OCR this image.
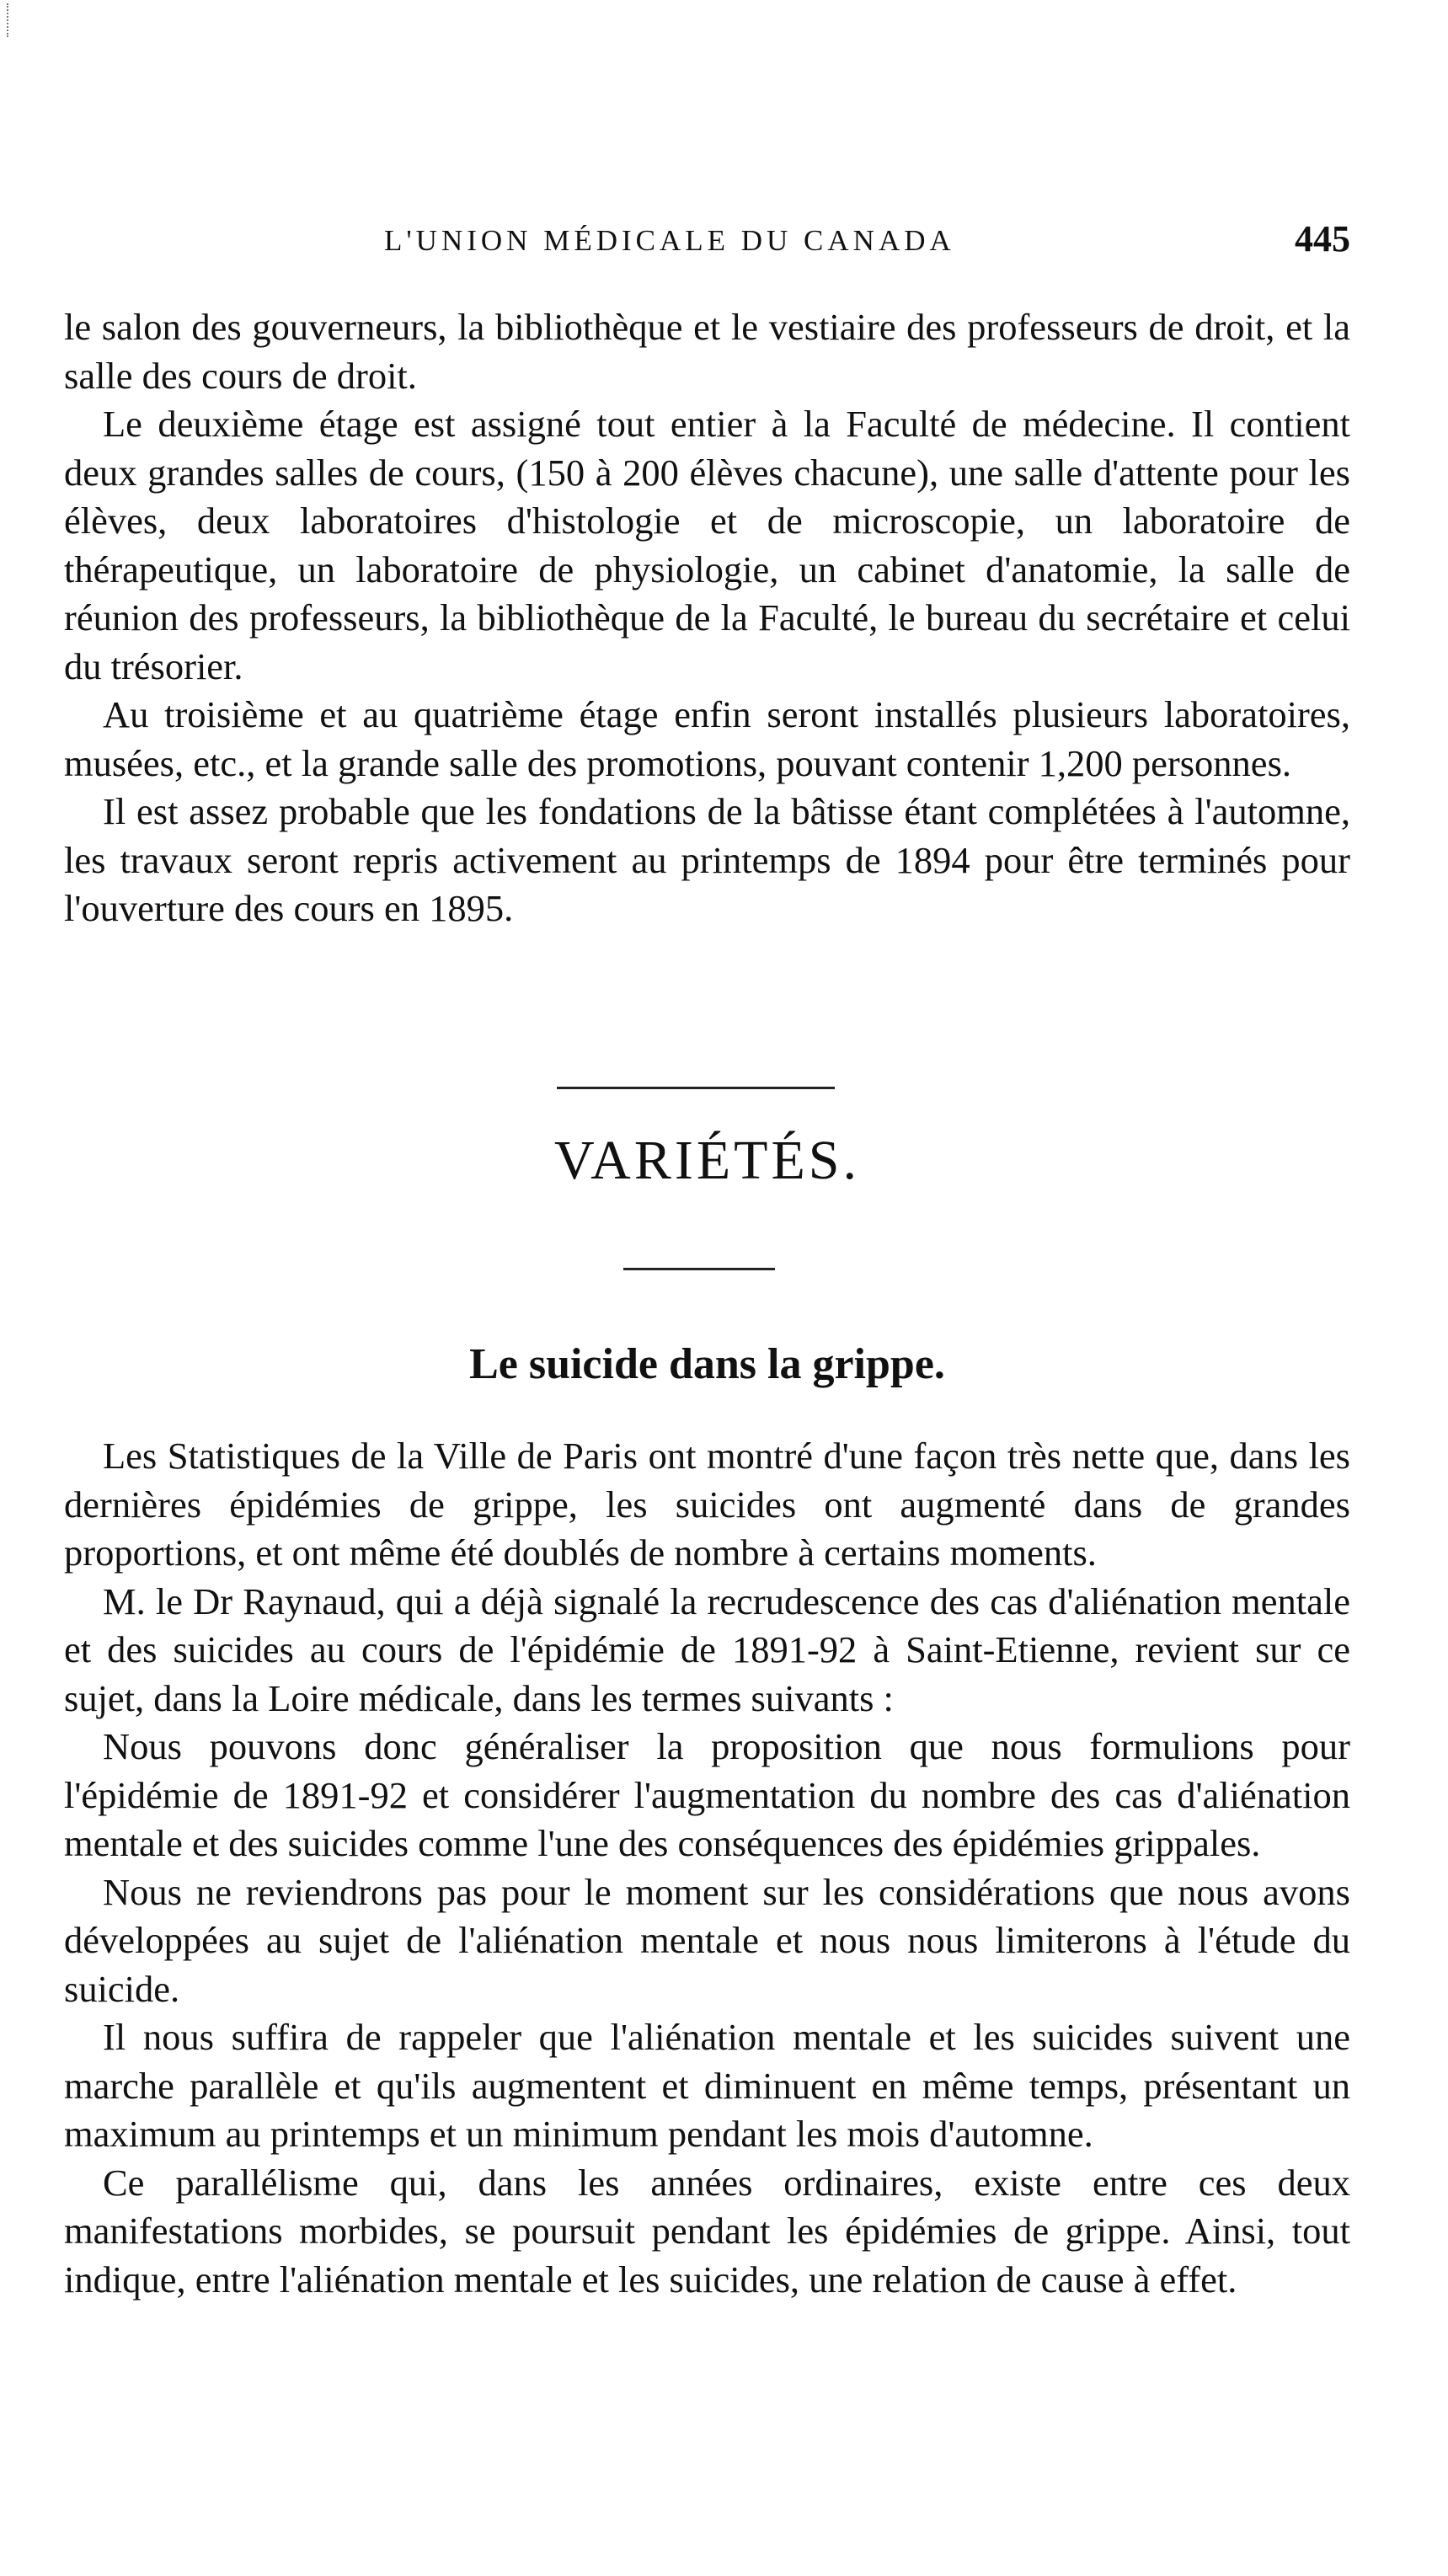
L'UNION MÉDICALE DU CANADA	445

le salon des gouverneurs, la bibliothèque et le vestiaire des professeurs de droit, et la salle des cours de droit.

Le deuxième étage est assigné tout entier à la Faculté de médecine. Il contient deux grandes salles de cours, (150 à 200 élèves chacune), une salle d'attente pour les élèves, deux laboratoires d'histologie et de microscopie, un laboratoire de thérapeutique, un laboratoire de physiologie, un cabinet d'anatomie, la salle de réunion des professeurs, la bibliothèque de la Faculté, le bureau du secrétaire et celui du trésorier.

Au troisième et au quatrième étage enfin seront installés plusieurs laboratoires, musées, etc., et la grande salle des promotions, pouvant contenir 1,200 personnes.

Il est assez probable que les fondations de la bâtisse étant complétées à l'automne, les travaux seront repris activement au printemps de 1894 pour être terminés pour l'ouverture des cours en 1895.

VARIÉTÉS.
Le suicide dans la grippe.

Les Statistiques de la Ville de Paris ont montré d'une façon très nette que, dans les dernières épidémies de grippe, les suicides ont augmenté dans de grandes proportions, et ont même été doublés de nombre à certains moments.

M. le Dr Raynaud, qui a déjà signalé la recrudescence des cas d'aliénation mentale et des suicides au cours de l'épidémie de 1891-92 à Saint-Etienne, revient sur ce sujet, dans la Loire médicale, dans les termes suivants :

Nous pouvons donc généraliser la proposition que nous formulions pour l'épidémie de 1891-92 et considérer l'augmentation du nombre des cas d'aliénation mentale et des suicides comme l'une des conséquences des épidémies grippales.

Nous ne reviendrons pas pour le moment sur les considérations que nous avons développées au sujet de l'aliénation mentale et nous nous limiterons à l'étude du suicide.

Il nous suffira de rappeler que l'aliénation mentale et les suicides suivent une marche parallèle et qu'ils augmentent et diminuent en même temps, présentant un maximum au printemps et un minimum pendant les mois d'automne.

Ce parallélisme qui, dans les années ordinaires, existe entre ces deux manifestations morbides, se poursuit pendant les épidémies de grippe. Ainsi, tout indique, entre l'aliénation mentale et les suicides, une relation de cause à effet.
